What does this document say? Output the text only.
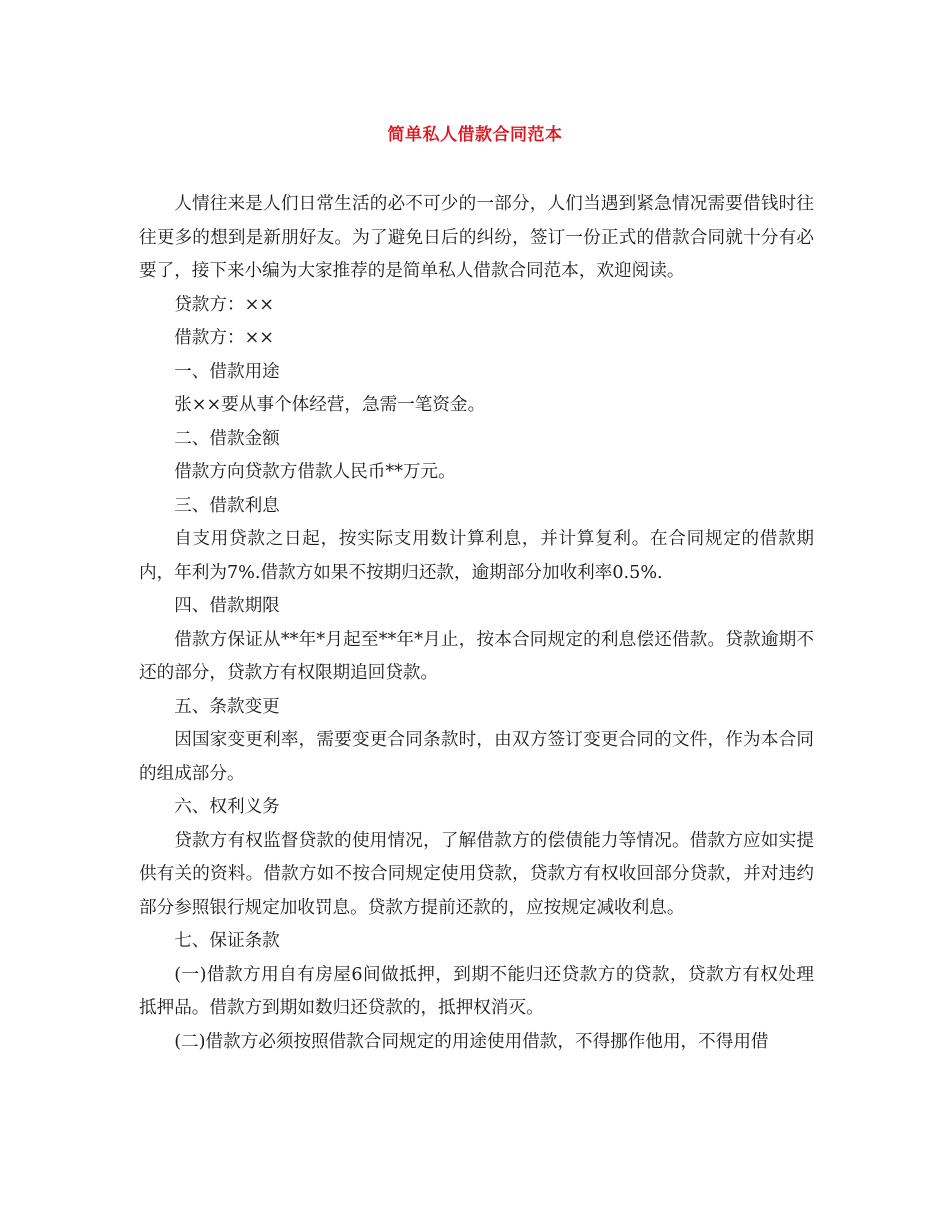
简单私人借款合同范本

人情往来是人们日常生活的必不可少的一部分，人们当遇到紧急情况需要借钱时往往更多的想到是新朋好友。为了避免日后的纠纷，签订一份正式的借款合同就十分有必要了，接下来小编为大家推荐的是简单私人借款合同范本，欢迎阅读。

贷款方：××

借款方：××

一、借款用途

张××要从事个体经营，急需一笔资金。

二、借款金额

借款方向贷款方借款人民币**万元。

三、借款利息

自支用贷款之日起，按实际支用数计算利息，并计算复利。在合同规定的借款期内，年利为7%.借款方如果不按期归还款，逾期部分加收利率0.5%.

四、借款期限

借款方保证从**年*月起至**年*月止，按本合同规定的利息偿还借款。贷款逾期不还的部分，贷款方有权限期追回贷款。

五、条款变更

因国家变更利率，需要变更合同条款时，由双方签订变更合同的文件，作为本合同的组成部分。

六、权利义务

贷款方有权监督贷款的使用情况，了解借款方的偿债能力等情况。借款方应如实提供有关的资料。借款方如不按合同规定使用贷款，贷款方有权收回部分贷款，并对违约部分参照银行规定加收罚息。贷款方提前还款的，应按规定减收利息。

七、保证条款

(一)借款方用自有房屋6间做抵押，到期不能归还贷款方的贷款，贷款方有权处理抵押品。借款方到期如数归还贷款的，抵押权消灭。

(二)借款方必须按照借款合同规定的用途使用借款，不得挪作他用，不得用借
